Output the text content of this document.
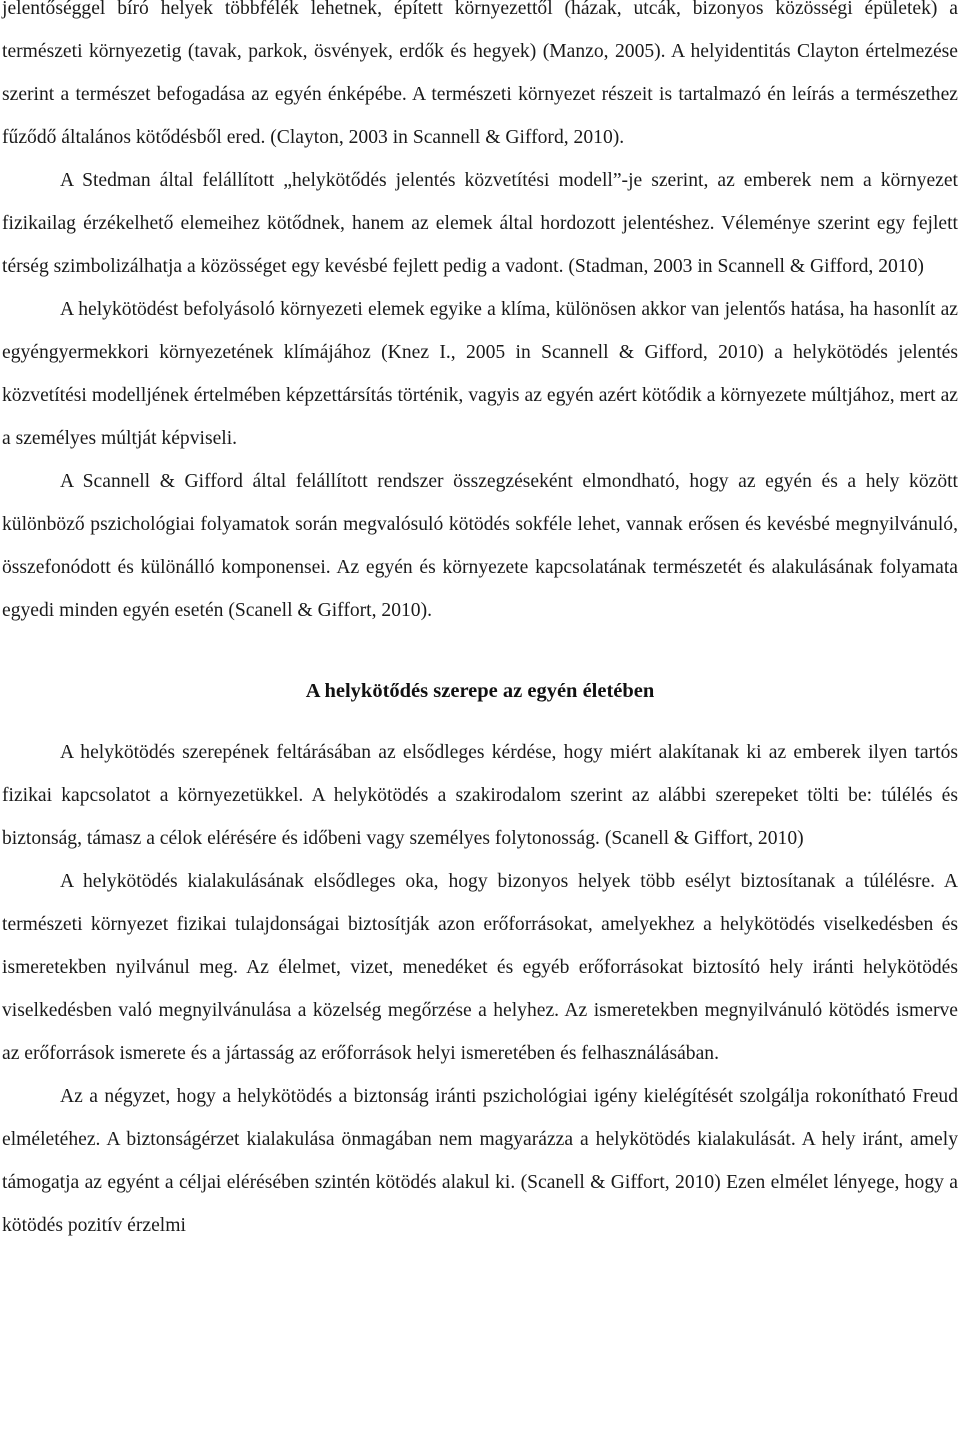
jelentőséggel bíró helyek többfélék lehetnek, épített környezettől (házak, utcák, bizonyos közösségi épületek) a természeti környezetig (tavak, parkok, ösvények, erdők és hegyek) (Manzo, 2005). A helyidentitás Clayton értelmezése szerint a természet befogadása az egyén énképébe. A természeti környezet részeit is tartalmazó én leírás a természethez fűződő általános kötődésből ered. (Clayton, 2003 in Scannell & Gifford, 2010).

A Stedman által felállított „helykötődés jelentés közvetítési modell”-je szerint, az emberek nem a környezet fizikailag érzékelhető elemeihez kötődnek, hanem az elemek által hordozott jelentéshez. Véleménye szerint egy fejlett térség szimbolizálhatja a közösséget egy kevésbé fejlett pedig a vadont. (Stadman, 2003 in Scannell & Gifford, 2010)

A helykötödést befolyásoló környezeti elemek egyike a klíma, különösen akkor van jelentős hatása, ha hasonlít az egyéngyermekkori környezetének klímájához (Knez I., 2005 in Scannell & Gifford, 2010) a helykötödés jelentés közvetítési modelljének értelmében képzettársítás történik, vagyis az egyén azért kötődik a környezete múltjához, mert az a személyes múltját képviseli.

A Scannell & Gifford által felállított rendszer összegzéseként elmondható, hogy az egyén és a hely között különböző pszichológiai folyamatok során megvalósuló kötödés sokféle lehet, vannak erősen és kevésbé megnyilvánuló, összefonódott és különálló komponensei. Az egyén és környezete kapcsolatának természetét és alakulásának folyamata egyedi minden egyén esetén (Scanell & Giffort, 2010).

A helykötődés szerepe az egyén életében

A helykötödés szerepének feltárásában az elsődleges kérdése, hogy miért alakítanak ki az emberek ilyen tartós fizikai kapcsolatot a környezetükkel. A helykötödés a szakirodalom szerint az alábbi szerepeket tölti be: túlélés és biztonság, támasz a célok elérésére és időbeni vagy személyes folytonosság. (Scanell & Giffort, 2010)

A helykötödés kialakulásának elsődleges oka, hogy bizonyos helyek több esélyt biztosítanak a túlélésre. A természeti környezet fizikai tulajdonságai biztosítják azon erőforrásokat, amelyekhez a helykötödés viselkedésben és ismeretekben nyilvánul meg. Az élelmet, vizet, menedéket és egyéb erőforrásokat biztosító hely iránti helykötödés viselkedésben való megnyilvánulása a közelség megőrzése a helyhez. Az ismeretekben megnyilvánuló kötödés ismerve az erőforrások ismerete és a jártasság az erőforrások helyi ismeretében és felhasználásában.

Az a négyzet, hogy a helykötödés a biztonság iránti pszichológiai igény kielégítését szolgálja rokonítható Freud elméletéhez. A biztonságérzet kialakulása önmagában nem magyarázza a helykötödés kialakulását. A hely iránt, amely támogatja az egyént a céljai elérésében szintén kötödés alakul ki. (Scanell & Giffort, 2010) Ezen elmélet lényege, hogy a kötödés pozitív érzelmi
